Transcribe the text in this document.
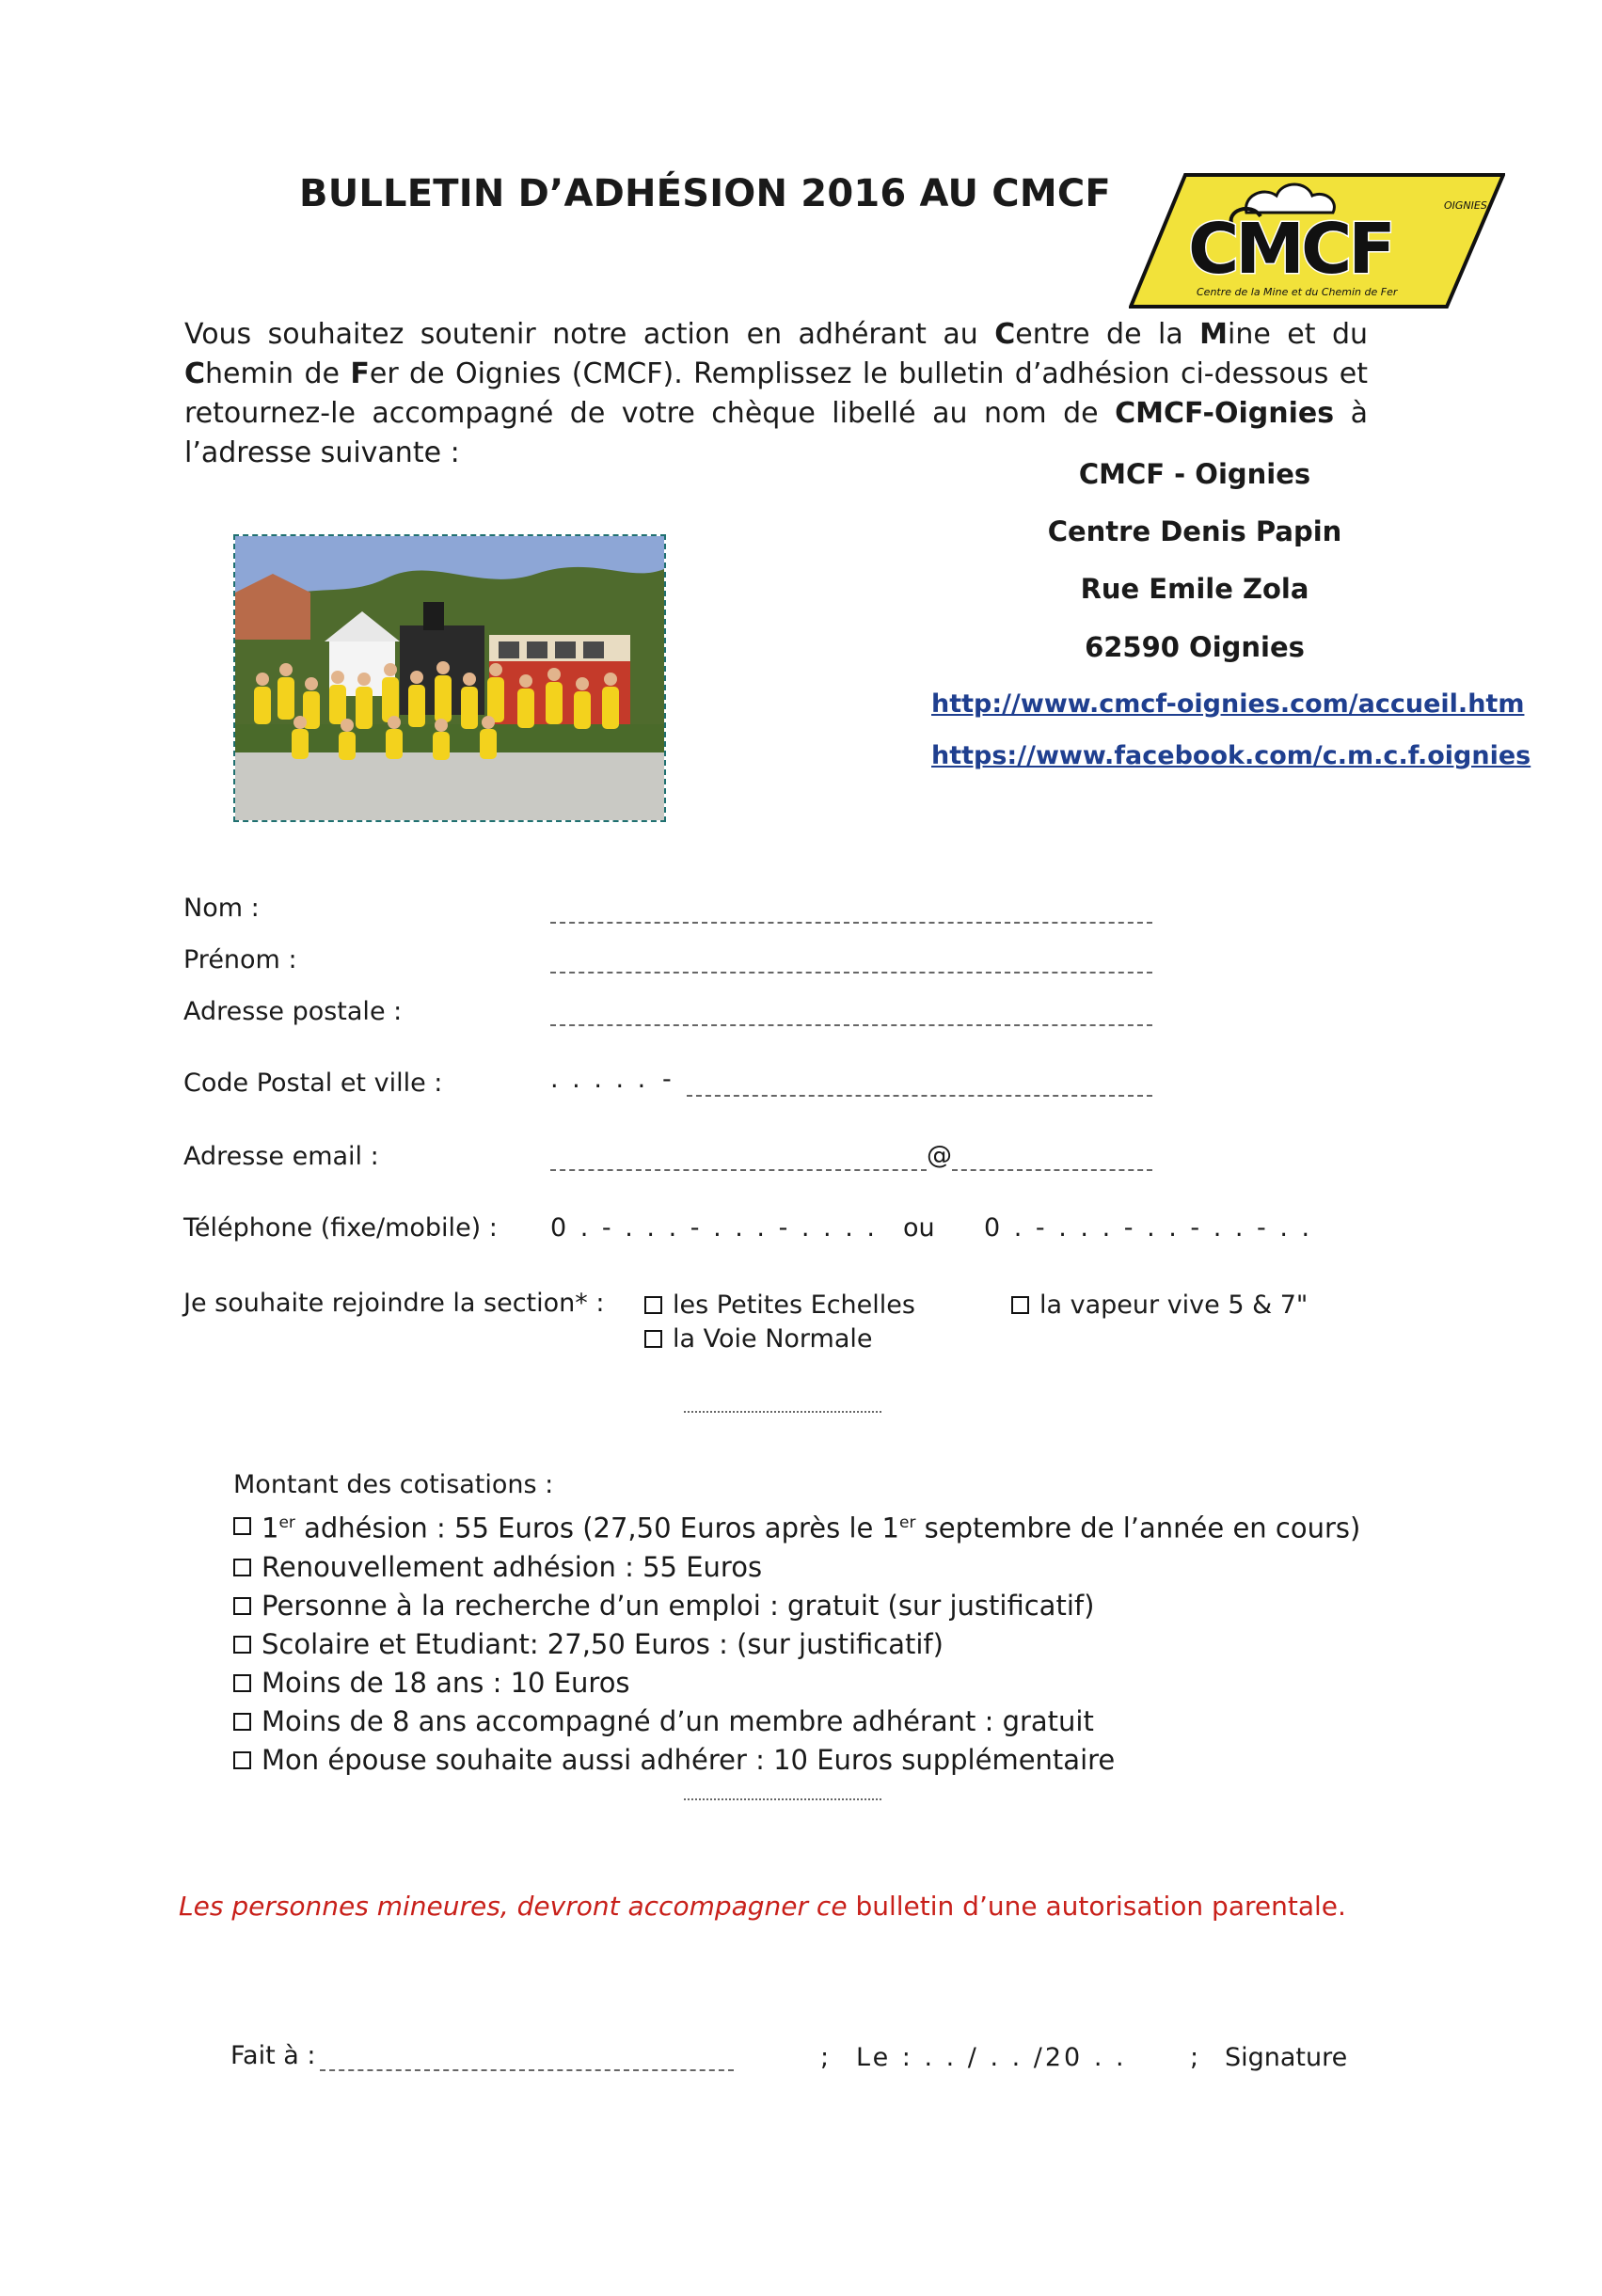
BULLETIN D’ADHÉSION 2016 AU CMCF	OIGNIES
CMCF
Centre de la Mine et du Chemin de Fer
Vous souhaitez soutenir notre action en adhérant au Centre de la Mine et du Chemin de Fer de Oignies (CMCF). Remplissez le bulletin d’adhésion ci-dessous et retournez-le accompagné de votre chèque libellé au nom de CMCF-Oignies à l’adresse suivante :
CMCF - Oignies
Centre Denis Papin
Rue Emile Zola
62590 Oignies
http://www.cmcf-oignies.com/accueil.htm
https://www.facebook.com/c.m.c.f.oignies
Nom :
Prénom :
Adresse postale :
Code Postal et ville :	. . . . . -
Adresse email :	@
Téléphone (fixe/mobile) : 0 . - . . . - . . . - . . . . ou 0 . - . . . - . . - . . - . .
Je souhaite rejoindre la section* :	les Petites Echelles
la Voie Normale
la vapeur vive 5 & 7"
Montant des cotisations :
1er adhésion : 55 Euros (27,50 Euros après le 1er septembre de l’année en cours)
Renouvellement adhésion : 55 Euros
Personne à la recherche d’un emploi : gratuit (sur justificatif)
Scolaire et Etudiant: 27,50 Euros : (sur justificatif)
Moins de 18 ans : 10 Euros
Moins de 8 ans accompagné d’un membre adhérant : gratuit
Mon épouse souhaite aussi adhérer : 10 Euros supplémentaire
Les personnes mineures, devront accompagner ce bulletin d’une autorisation parentale.
Fait à :	; Le : . . / . . /20 . . ; Signature
